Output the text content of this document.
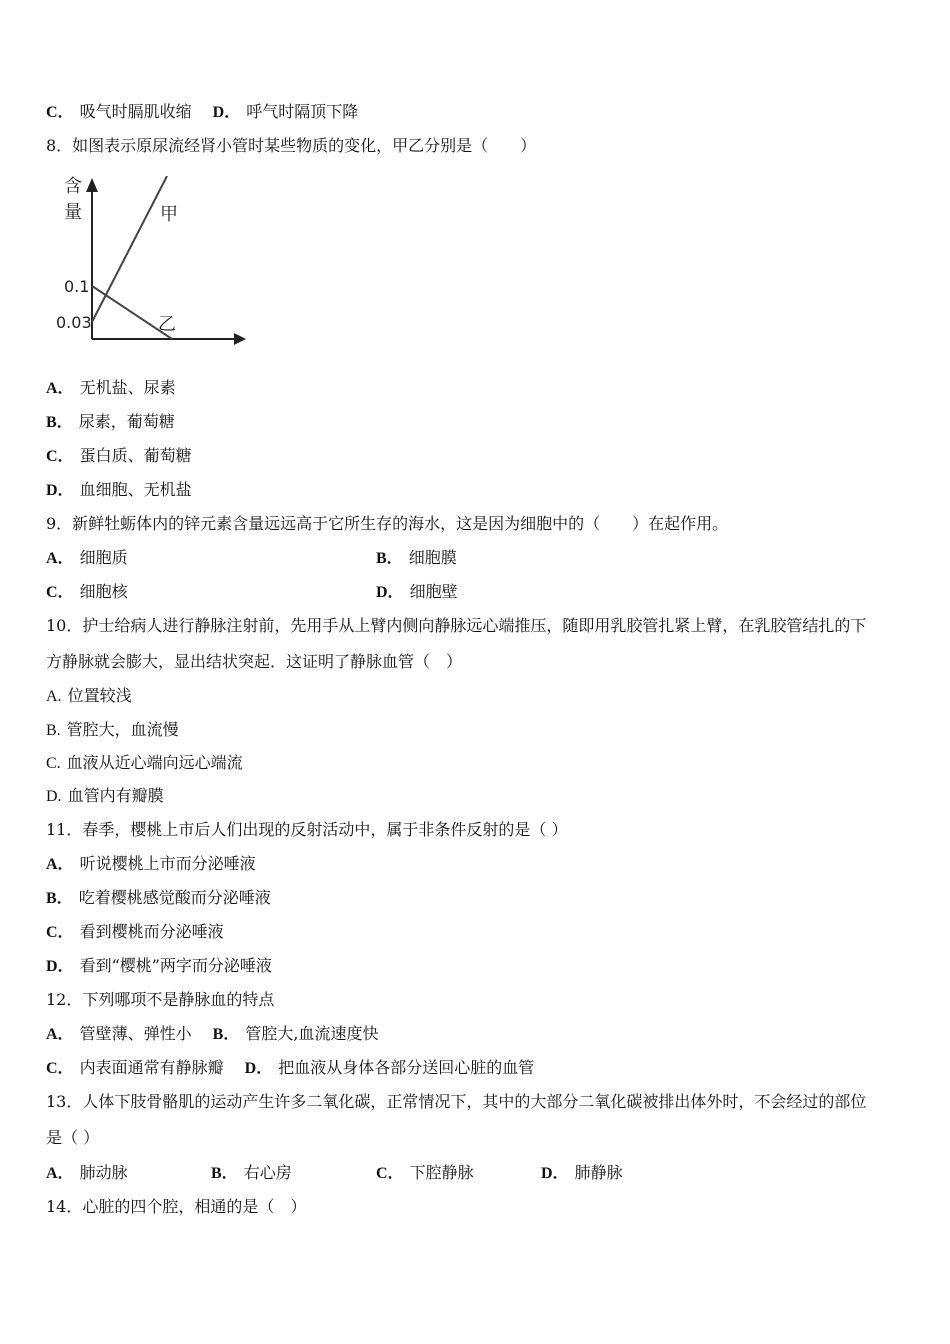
C． 吸气时膈肌收缩 D． 呼气时隔顶下降
8．如图表示原尿流经肾小管时某些物质的变化，甲乙分别是（　　）
含
量
0.1
0.03
甲
乙
A． 无机盐、尿素
B． 尿素，葡萄糖
C． 蛋白质、葡萄糖
D． 血细胞、无机盐
9．新鲜牡蛎体内的锌元素含量远远高于它所生存的海水，这是因为细胞中的（　　）在起作用。
A． 细胞质	B． 细胞膜
C． 细胞核	D． 细胞壁
10．护士给病人进行静脉注射前，先用手从上臂内侧向静脉远心端推压，随即用乳胶管扎紧上臂，在乳胶管结扎的下
方静脉就会膨大，显出结状突起．这证明了静脉血管（　）
A. 位置较浅
B. 管腔大，血流慢
C. 血液从近心端向远心端流
D. 血管内有瓣膜
11．春季，樱桃上市后人们出现的反射活动中，属于非条件反射的是（ ）
A． 听说樱桃上市而分泌唾液
B． 吃着樱桃感觉酸而分泌唾液
C． 看到樱桃而分泌唾液
D． 看到“樱桃”两字而分泌唾液
12．下列哪项不是静脉血的特点
A． 管壁薄、弹性小 B． 管腔大,血流速度快
C． 内表面通常有静脉瓣 D． 把血液从身体各部分送回心脏的血管
13．人体下肢骨骼肌的运动产生许多二氧化碳，正常情况下，其中的大部分二氧化碳被排出体外时，不会经过的部位
是（ ）
A． 肺动脉	B． 右心房	C． 下腔静脉	D． 肺静脉
14．心脏的四个腔，相通的是（　）
